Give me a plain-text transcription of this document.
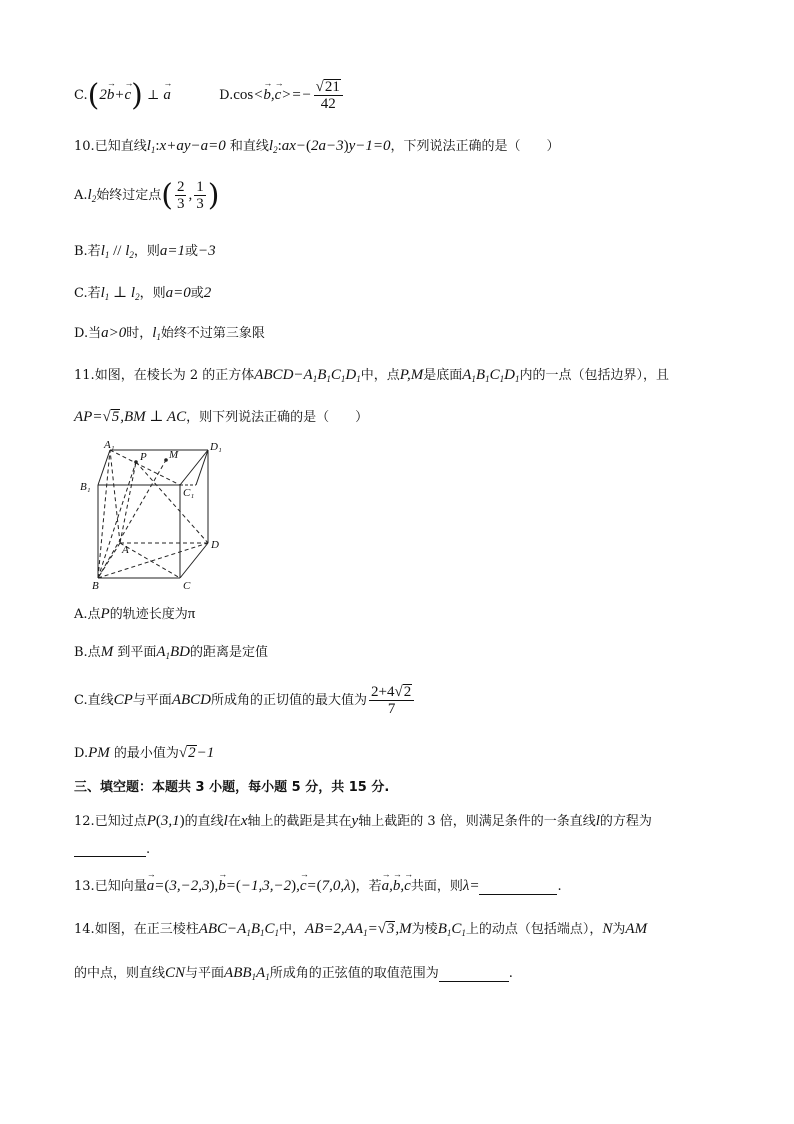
C.(2→ b+→ c) ⊥ → a	$D.\cos<\to b,\to c>=- \frac{√21}{42}$
10.已知直线$l_1:x+ay-a=0$ 和直线$l_2:ax-(2a-3)y-1=0$，下列说法正确的是（　　）
$A.l_2$始终过定点( $\frac{2}{3}$ , $\frac{1}{3}$ )
B.若$l_1 // l_2$，则a=1或−3
C.若$l_1$ ⊥ $l_2$，则a=0或2
D.当a>0时，$l_1$始终不过第三象限
11.如图，在棱长为 2 的正方体$ABCD-A_1B_1C_1D_1$中，点P,M是底面$A_1B_1C_1D_1$内的一点（包括边界），且
AP=√5,BM ⊥ AC，则下列说法正确的是（　　）
A₁
P M
D₁
B₁	C₁
A	D
B	C
A.点P的轨迹长度为π
B.点M 到平面$A_1BD$的距离是定值
C.直线CP与平面ABCD所成角的正切值的最大值为 $\frac{2+4√2}{7}$
D.PM 的最小值为√2−1
三、填空题：本题共 3 小题，每小题 5 分，共 15 分.
12.已知过点P(3,1)的直线l在x轴上的截距是其在y轴上截距的 3 倍，则满足条件的一条直线l的方程为
.
13.已知向量→ a=(3,−2,3),→ b=(−1,3,−2),→ c=(7,0,λ)，若→ a,→ b,→ c共面，则λ=	.
14.如图，在正三棱柱$ABC-A_1B_1C_1$中，$AB=2,AA_1=√3,M$为棱$B_1C_1$上的动点（包括端点），N为AM
的中点，则直线CN与平面$ABB_1A_1$所成角的正弦值的取值范围为	.
